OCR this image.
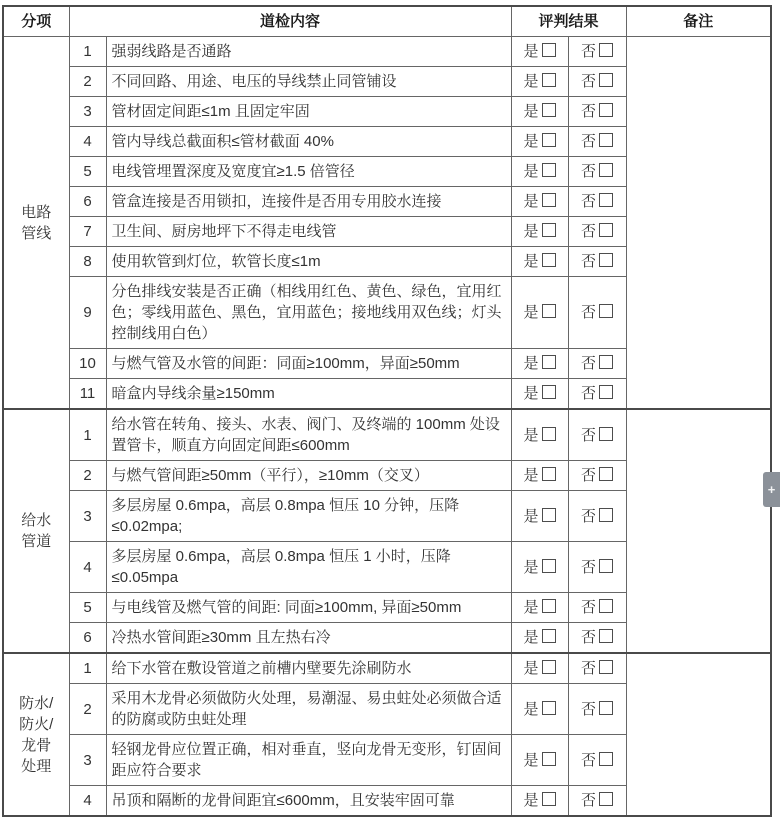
分项	道检内容		评判结果		备注

电路
管线	1	强弱线路是否通路	是	否	
	2	不同回路、用途、电压的导线禁止同管铺设	是	否	
	3	管材固定间距≤1m 且固定牢固	是	否	
	4	管内导线总截面积≤管材截面 40%	是	否	
	5	电线管埋置深度及宽度宜≥1.5 倍管径	是	否	
	6	管盒连接是否用锁扣，连接件是否用专用胶水连接	是	否	
	7	卫生间、厨房地坪下不得走电线管	是	否	
	8	使用软管到灯位，软管长度≤1m	是	否	
	9	分色排线安装是否正确（相线用红色、黄色、绿色，宜用红色；零线用蓝色、黑色，宜用蓝色；接地线用双色线；灯头控制线用白色）	是	否	
	10	与燃气管及水管的间距：同面≥100mm，异面≥50mm	是	否	
	11	暗盒内导线余量≥150mm	是	否	

给水
管道	1	给水管在转角、接头、水表、阀门、及终端的 100mm 处设置管卡，顺直方向固定间距≤600mm	是	否	
	2	与燃气管间距≥50mm（平行），≥10mm（交叉）	是	否	
	3	多层房屋 0.6mpa，高层 0.8mpa 恒压 10 分钟，压降 ≤0.02mpa;	是	否	
	4	多层房屋 0.6mpa，高层 0.8mpa 恒压 1 小时，压降 ≤0.05mpa	是	否	
	5	与电线管及燃气管的间距: 同面≥100mm, 异面≥50mm	是	否	
	6	冷热水管间距≥30mm 且左热右冷	是	否	

防水/
防火/
龙骨
处理	1	给下水管在敷设管道之前槽内壁要先涂刷防水	是	否	
	2	采用木龙骨必须做防火处理，易潮湿、易虫蛀处必须做合适的防腐或防虫蛀处理	是	否	
	3	轻钢龙骨应位置正确，相对垂直，竖向龙骨无变形，钉固间距应符合要求	是	否	
	4	吊顶和隔断的龙骨间距宜≤600mm，且安装牢固可靠	是	否	
+
